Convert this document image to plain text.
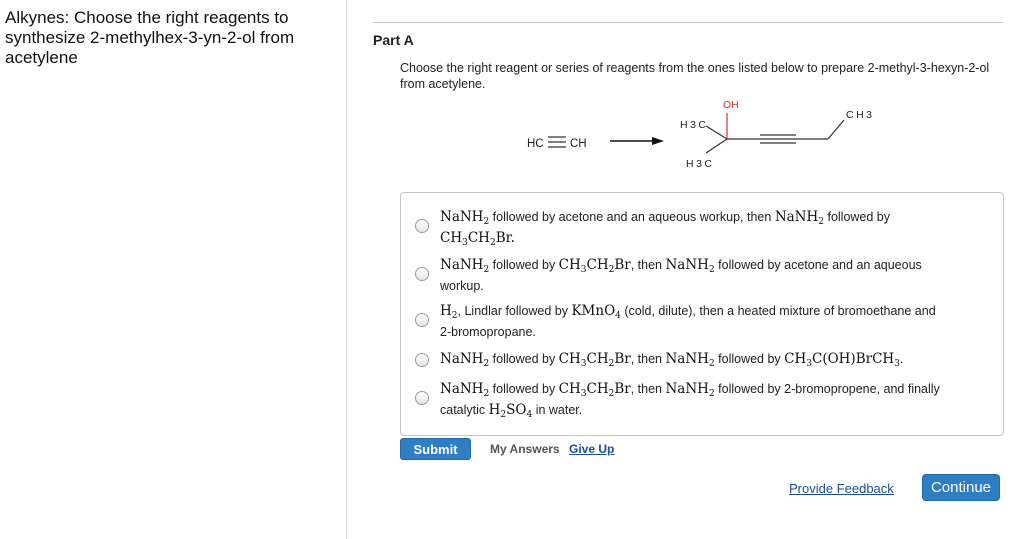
Alkynes: Choose the right reagents to synthesize 2-methylhex-3-yn-2-ol from acetylene
Part A
Choose the right reagent or series of reagents from the ones listed below to prepare 2-methyl-3-hexyn-2-ol from acetylene.
HC CH
OH
H3C
H3C
CH3
NaNH$_2$ followed by acetone and an aqueous workup, then NaNH$_2$ followed by
$CH_3CH_2Br$.
NaNH$_2$ followed by $CH_3CH_2Br$, then NaNH$_2$ followed by acetone and an aqueous
workup.
$H_2$, Lindlar followed by KMnO$_4$ (cold, dilute), then a heated mixture of bromoethane and
2-bromopropane.
NaNH$_2$ followed by $CH_3CH_2Br$, then NaNH$_2$ followed by $CH_3C(OH)BrCH_3$.
NaNH$_2$ followed by $CH_3CH_2Br$, then NaNH$_2$ followed by 2-bromopropene, and finally
catalytic $H_2SO_4$ in water.
Submit	My Answers Give Up
Provide Feedback	Continue
